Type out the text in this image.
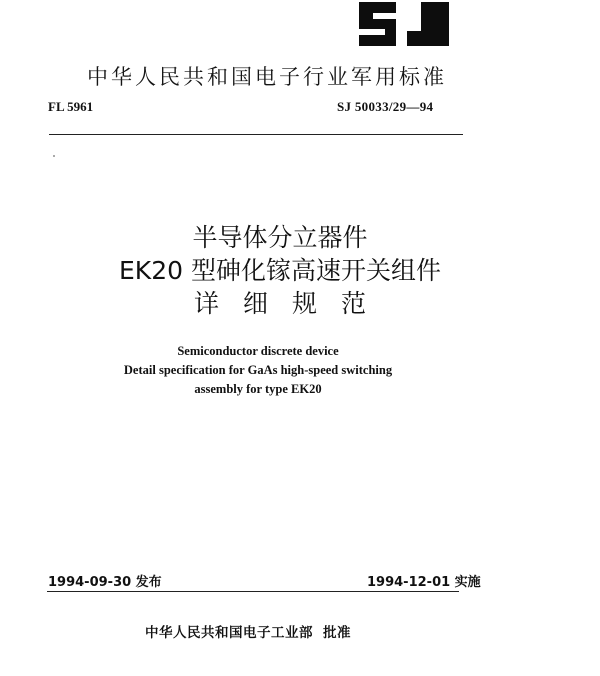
中华人民共和国电子行业军用标准
FL 5961	SJ 50033/29—94
半导体分立器件
EK20 型砷化镓高速开关组件
详细规范
Semiconductor discrete device
Detail specification for GaAs high-speed switching
assembly for type EK20
1994-09-30 发布	1994-12-01 实施
中华人民共和国电子工业部 批准
